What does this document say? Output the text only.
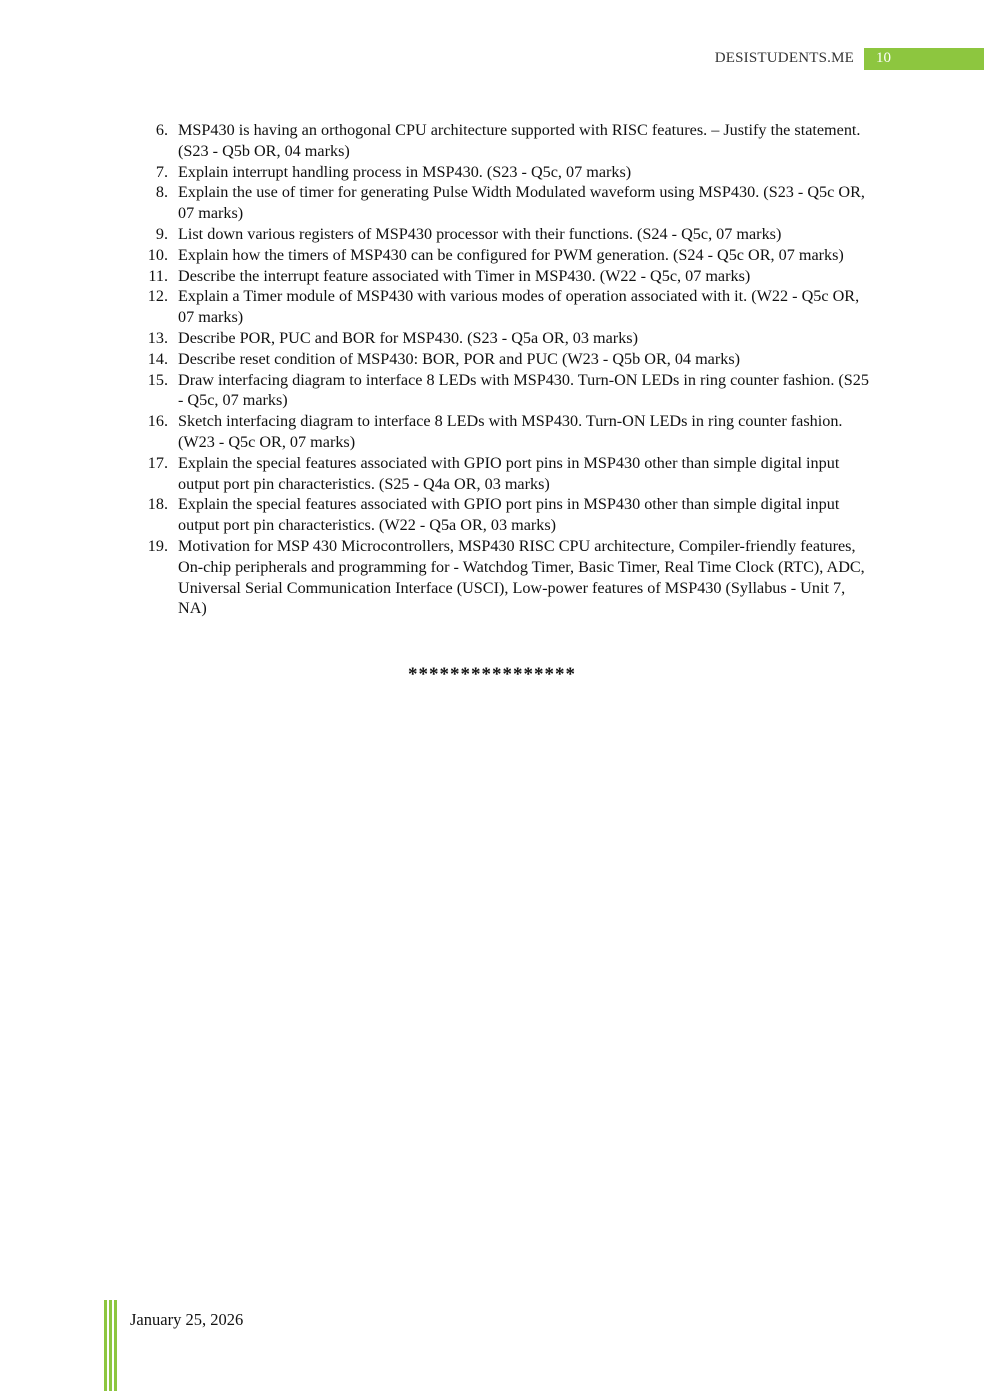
DESISTUDENTS.ME 10
6. MSP430 is having an orthogonal CPU architecture supported with RISC features. – Justify the statement. (S23 - Q5b OR, 04 marks)
7. Explain interrupt handling process in MSP430. (S23 - Q5c, 07 marks)
8. Explain the use of timer for generating Pulse Width Modulated waveform using MSP430. (S23 - Q5c OR, 07 marks)
9. List down various registers of MSP430 processor with their functions. (S24 - Q5c, 07 marks)
10. Explain how the timers of MSP430 can be configured for PWM generation. (S24 - Q5c OR, 07 marks)
11. Describe the interrupt feature associated with Timer in MSP430. (W22 - Q5c, 07 marks)
12. Explain a Timer module of MSP430 with various modes of operation associated with it. (W22 - Q5c OR, 07 marks)
13. Describe POR, PUC and BOR for MSP430. (S23 - Q5a OR, 03 marks)
14. Describe reset condition of MSP430: BOR, POR and PUC (W23 - Q5b OR, 04 marks)
15. Draw interfacing diagram to interface 8 LEDs with MSP430. Turn-ON LEDs in ring counter fashion. (S25 - Q5c, 07 marks)
16. Sketch interfacing diagram to interface 8 LEDs with MSP430. Turn-ON LEDs in ring counter fashion. (W23 - Q5c OR, 07 marks)
17. Explain the special features associated with GPIO port pins in MSP430 other than simple digital input output port pin characteristics. (S25 - Q4a OR, 03 marks)
18. Explain the special features associated with GPIO port pins in MSP430 other than simple digital input output port pin characteristics. (W22 - Q5a OR, 03 marks)
19. Motivation for MSP 430 Microcontrollers, MSP430 RISC CPU architecture, Compiler-friendly features, On-chip peripherals and programming for - Watchdog Timer, Basic Timer, Real Time Clock (RTC), ADC, Universal Serial Communication Interface (USCI), Low-power features of MSP430 (Syllabus - Unit 7, NA)
****************
January 25, 2026
